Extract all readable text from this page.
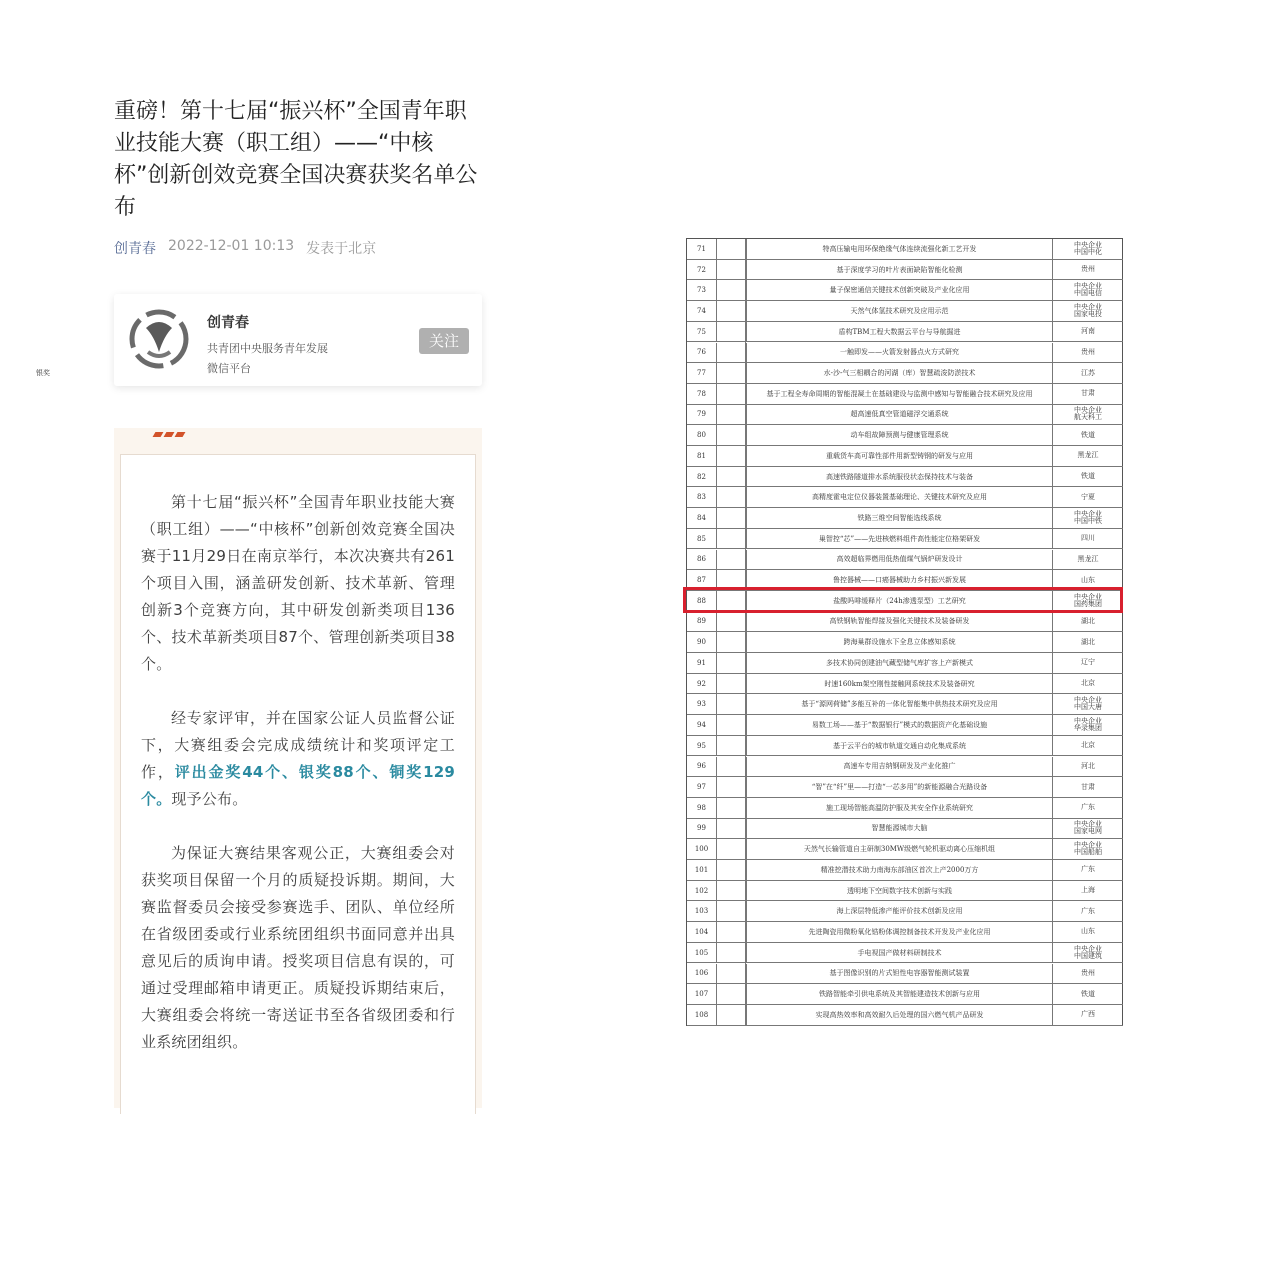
重磅！第十七届“振兴杯”全国青年职业技能大赛（职工组）——“中核杯”创新创效竞赛全国决赛获奖名单公布
创青春 2022-12-01 10:13 发表于北京
创青春
共青团中央服务青年发展
微信平台
关注

第十七届“振兴杯”全国青年职业技能大赛（职工组）——“中核杯”创新创效竞赛全国决赛于11月29日在南京举行，本次决赛共有261个项目入围，涵盖研发创新、技术革新、管理创新3个竞赛方向，其中研发创新类项目136个、技术革新类项目87个、管理创新类项目38个。

经专家评审，并在国家公证人员监督公证下，大赛组委会完成成绩统计和奖项评定工作，评出金奖44个、银奖88个、铜奖129个。现予公布。

为保证大赛结果客观公正，大赛组委会对获奖项目保留一个月的质疑投诉期。期间，大赛监督委员会接受参赛选手、团队、单位经所在省级团委或行业系统团组织书面同意并出具意见后的质询申请。授奖项目信息有误的，可通过受理邮箱申请更正。质疑投诉期结束后，大赛组委会将统一寄送证书至各省级团委和行业系统团组织。

71	特高压输电用环保绝缘气体连续流强化新工艺开发	中央企业
中国中化
72	基于深度学习的叶片表面缺陷智能化检测	贵州
73	量子保密通信关键技术创新突破及产业化应用	中央企业
中国电信
74	天然气体氢技术研究及应用示范	中央企业
国家电投
75	盾构TBM工程大数据云平台与导航掘进	河南
76	一触即发——火箭发射器点火方式研究	贵州
77	水-沙-气三相耦合的河湖（库）智慧疏浚防淤技术	江苏
78	基于工程全寿命周期的智能混凝土在基础建设与监测中感知与智能融合技术研究及应用	甘肃
79	超高速低真空管道磁浮交通系统	中央企业
航天科工
80	动车组故障预测与健康管理系统	铁道
81	重载货车高可靠性部件用新型铸钢的研发与应用	黑龙江
82	高速铁路隧道排水系统服役状态保持技术与装备	铁道
83	高精度霍电定位仪器装置基础理论、关键技术研究及应用	宁夏
84	铁路三维空间智能选线系统	中央企业
中国中铁
85	巢智控“芯”——先进核燃料组件高性能定位格架研发	四川
86	高效超临界燃用低热值煤气锅炉研发设计	黑龙江
87	鲁控器械——口癌器械助力乡村振兴新发展	山东
88	盐酸吗啡缓释片（24h渗透泵型）工艺研究	中央企业
国药集团
89	高铁钢轨智能焊接及强化关键技术及装备研发	湖北
90	跨海巢群设施水下全息立体感知系统	湖北
91	多技术协同创建油气藏型储气库扩容上产新模式	辽宁
92	时速160km架空刚性接触网系统技术及装备研究	北京
93	基于“源网荷储”多能互补的一体化智能集中供热技术研究及应用	中央企业
中国大唐
94	易数工场——基于“数据银行”模式的数据资产化基础设施	中央企业
华录集团
95	基于云平台的城市轨道交通自动化集成系统	北京
96	高速车专用吉纳钢研发及产业化推广	河北
97	“智”在“纤”里——打造“一芯多用”的新能源融合光路设备	甘肃
98	施工现场智能高温防护服及其安全作业系统研究	广东
99	智慧能源城市大脑	中央企业
国家电网
100	天然气长输管道自主研制30MW级燃气轮机驱动离心压缩机组	中央企业
中国船舶
101	精准挖潜技术助力南海东部油区首次上产2000万方	广东
102	透明地下空间数字技术创新与实践	上海
103	海上深层特低渗产能评价技术创新及应用	广东
104	先进陶瓷用微粉氧化锆粉体调控制备技术开发及产业化应用	山东
105	手电视国产做材料研制技术	中央企业
中国建筑
106	基于图像识别的片式钽性电容器智能测试装置	贵州
107	铁路智能牵引供电系统及其智能建造技术创新与应用	铁道
108	实现高热效率和高效耐久后处理的国六燃气机产品研发	广西
银奖
